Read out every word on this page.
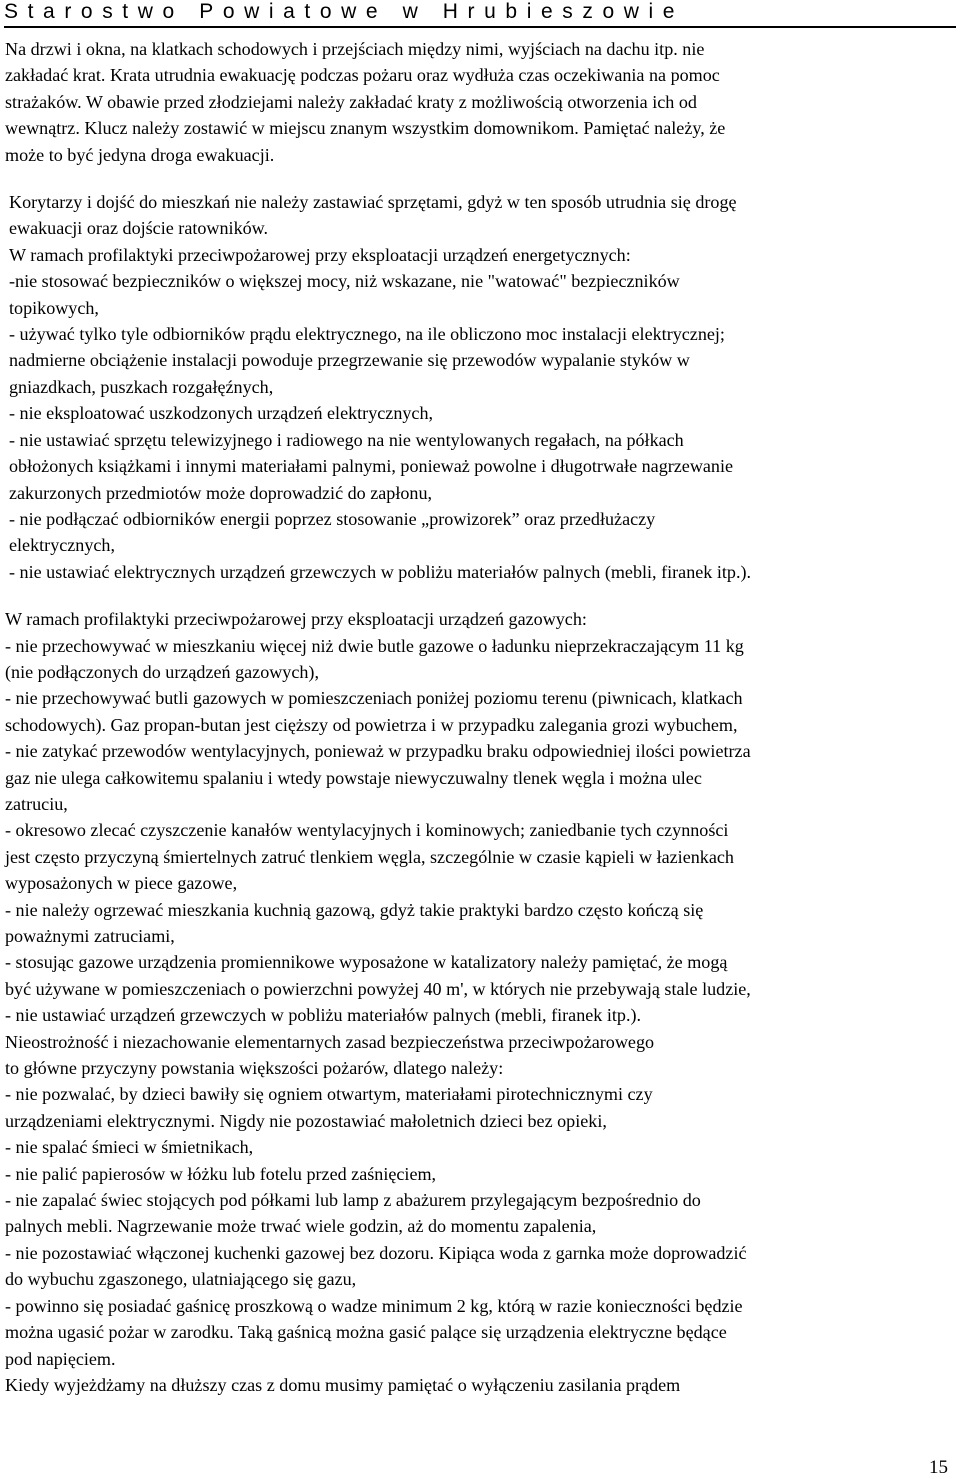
Starostwo Powiatowe w Hrubieszowie
Na drzwi i okna, na klatkach schodowych i przejściach między nimi, wyjściach na dachu itp. nie
zakładać krat. Krata utrudnia ewakuację podczas pożaru oraz wydłuża czas oczekiwania na pomoc
strażaków. W obawie przed złodziejami należy zakładać kraty z możliwością otworzenia ich od
wewnątrz. Klucz należy zostawić w miejscu znanym wszystkim domownikom. Pamiętać należy, że
może to być jedyna droga ewakuacji.
Korytarzy i dojść do mieszkań nie należy zastawiać sprzętami, gdyż w ten sposób utrudnia się drogę
ewakuacji oraz dojście ratowników.
W ramach profilaktyki przeciwpożarowej przy eksploatacji urządzeń energetycznych:
-nie stosować bezpieczników o większej mocy, niż wskazane, nie "watować" bezpieczników
topikowych,
- używać tylko tyle odbiorników prądu elektrycznego, na ile obliczono moc instalacji elektrycznej;
nadmierne obciążenie instalacji powoduje przegrzewanie się przewodów wypalanie styków w
gniazdkach, puszkach rozgałęźnych,
- nie eksploatować uszkodzonych urządzeń elektrycznych,
- nie ustawiać sprzętu telewizyjnego i radiowego na nie wentylowanych regałach, na półkach
obłożonych książkami i innymi materiałami palnymi, ponieważ powolne i długotrwałe nagrzewanie
zakurzonych przedmiotów może doprowadzić do zapłonu,
- nie podłączać odbiorników energii poprzez stosowanie „prowizorek” oraz przedłużaczy
elektrycznych,
- nie ustawiać elektrycznych urządzeń grzewczych w pobliżu materiałów palnych (mebli, firanek itp.).
W ramach profilaktyki przeciwpożarowej przy eksploatacji urządzeń gazowych:
- nie przechowywać w mieszkaniu więcej niż dwie butle gazowe o ładunku nieprzekraczającym 11 kg
(nie podłączonych do urządzeń gazowych),
- nie przechowywać butli gazowych w pomieszczeniach poniżej poziomu terenu (piwnicach, klatkach
schodowych). Gaz propan-butan jest cięższy od powietrza i w przypadku zalegania grozi wybuchem,
- nie zatykać przewodów wentylacyjnych, ponieważ w przypadku braku odpowiedniej ilości powietrza
gaz nie ulega całkowitemu spalaniu i wtedy powstaje niewyczuwalny tlenek węgla i można ulec
zatruciu,
- okresowo zlecać czyszczenie kanałów wentylacyjnych i kominowych; zaniedbanie tych czynności
jest często przyczyną śmiertelnych zatruć tlenkiem węgla, szczególnie w czasie kąpieli w łazienkach
wyposażonych w piece gazowe,
- nie należy ogrzewać mieszkania kuchnią gazową, gdyż takie praktyki bardzo często kończą się
poważnymi zatruciami,
- stosując gazowe urządzenia promiennikowe wyposażone w katalizatory należy pamiętać, że mogą
być używane w pomieszczeniach o powierzchni powyżej 40 m', w których nie przebywają stale ludzie,
- nie ustawiać urządzeń grzewczych w pobliżu materiałów palnych (mebli, firanek itp.).
Nieostrożność i niezachowanie elementarnych zasad bezpieczeństwa przeciwpożarowego
to główne przyczyny powstania większości pożarów, dlatego należy:
- nie pozwalać, by dzieci bawiły się ogniem otwartym, materiałami pirotechnicznymi czy
urządzeniami elektrycznymi. Nigdy nie pozostawiać małoletnich dzieci bez opieki,
- nie spalać śmieci w śmietnikach,
- nie palić papierosów w łóżku lub fotelu przed zaśnięciem,
- nie zapalać świec stojących pod półkami lub lamp z abażurem przylegającym bezpośrednio do
palnych mebli. Nagrzewanie może trwać wiele godzin, aż do momentu zapalenia,
- nie pozostawiać włączonej kuchenki gazowej bez dozoru. Kipiąca woda z garnka może doprowadzić
do wybuchu zgaszonego, ulatniającego się gazu,
- powinno się posiadać gaśnicę proszkową o wadze minimum 2 kg, którą w razie konieczności będzie
można ugasić pożar w zarodku. Taką gaśnicą można gasić palące się urządzenia elektryczne będące
pod napięciem.
Kiedy wyjeżdżamy na dłuższy czas z domu musimy pamiętać o wyłączeniu zasilania prądem
15
